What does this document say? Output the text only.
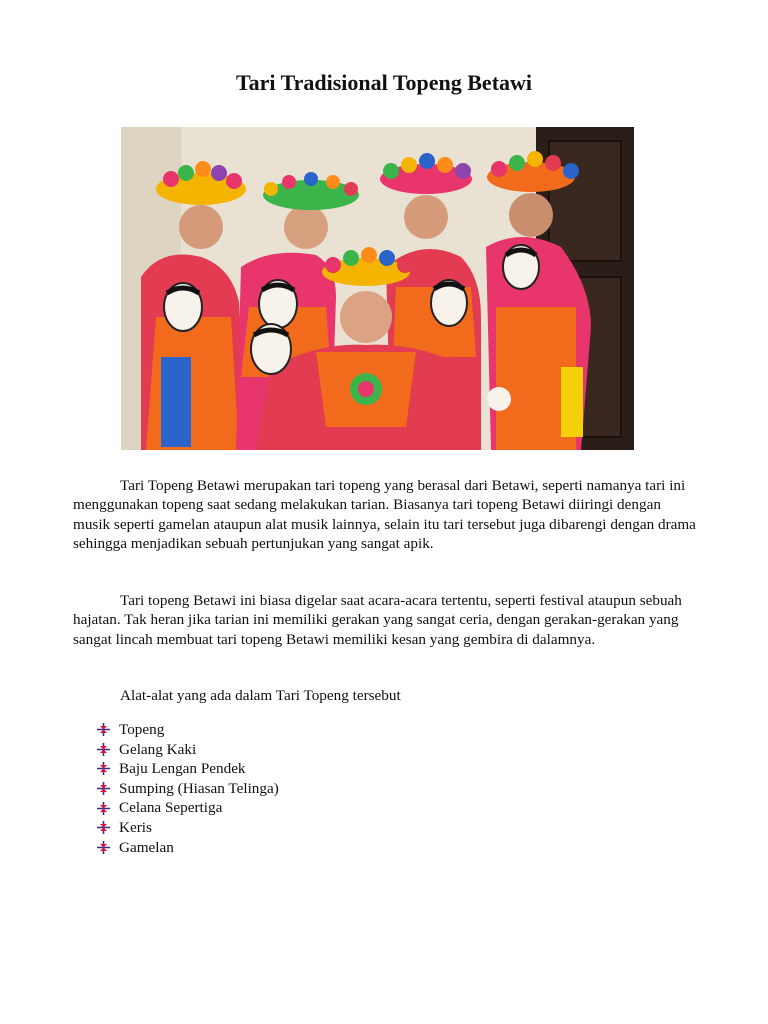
Tari Tradisional Topeng Betawi

Tari Topeng Betawi merupakan tari topeng yang berasal dari Betawi, seperti namanya tari ini menggunakan topeng saat sedang melakukan tarian. Biasanya tari topeng Betawi diiringi dengan musik seperti gamelan ataupun alat musik lainnya, selain itu tari tersebut juga dibarengi dengan drama sehingga menjadikan sebuah pertunjukan yang sangat apik.

Tari topeng Betawi ini biasa digelar saat acara-acara tertentu, seperti festival ataupun sebuah hajatan. Tak heran jika tarian ini memiliki gerakan yang sangat ceria, dengan gerakan-gerakan yang sangat lincah membuat tari topeng Betawi memiliki kesan yang gembira di dalamnya.

Alat-alat yang ada dalam Tari Topeng tersebut

Topeng
Gelang Kaki
Baju Lengan Pendek
Sumping (Hiasan Telinga)
Celana Sepertiga
Keris
Gamelan
